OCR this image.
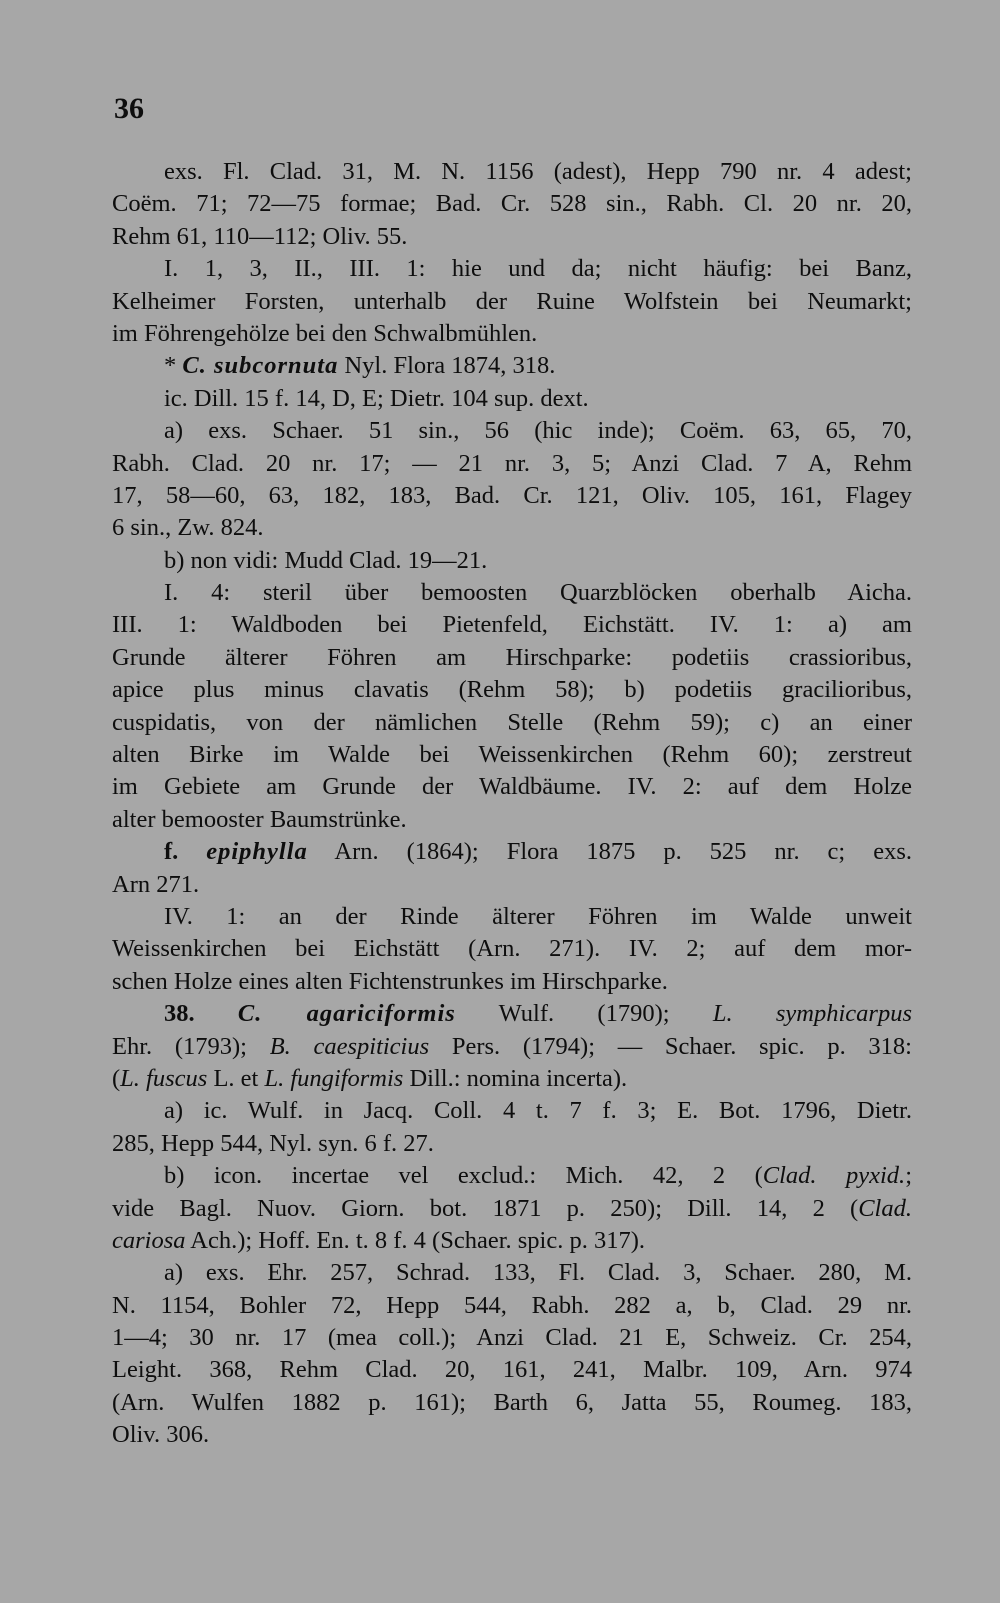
36
exs. Fl. Clad. 31, M. N. 1156 (adest), Hepp 790 nr. 4 adest;
Coëm. 71; 72—75 formae; Bad. Cr. 528 sin., Rabh. Cl. 20 nr. 20,
Rehm 61, 110—112; Oliv. 55.
I. 1, 3, II., III. 1: hie und da; nicht häufig: bei Banz,
Kelheimer Forsten, unterhalb der Ruine Wolfstein bei Neumarkt;
im Föhrengehölze bei den Schwalbmühlen.
* C. subcornuta Nyl. Flora 1874, 318.
ic. Dill. 15 f. 14, D, E; Dietr. 104 sup. dext.
a) exs. Schaer. 51 sin., 56 (hic inde); Coëm. 63, 65, 70,
Rabh. Clad. 20 nr. 17; — 21 nr. 3, 5; Anzi Clad. 7 A, Rehm
17, 58—60, 63, 182, 183, Bad. Cr. 121, Oliv. 105, 161, Flagey
6 sin., Zw. 824.
b) non vidi: Mudd Clad. 19—21.
I. 4: steril über bemoosten Quarzblöcken oberhalb Aicha.
III. 1: Waldboden bei Pietenfeld, Eichstätt. IV. 1: a) am
Grunde älterer Föhren am Hirschparke: podetiis crassioribus,
apice plus minus clavatis (Rehm 58); b) podetiis gracilioribus,
cuspidatis, von der nämlichen Stelle (Rehm 59); c) an einer
alten Birke im Walde bei Weissenkirchen (Rehm 60); zerstreut
im Gebiete am Grunde der Waldbäume. IV. 2: auf dem Holze
alter bemooster Baumstrünke.
f. epiphylla Arn. (1864); Flora 1875 p. 525 nr. c; exs.
Arn 271.
IV. 1: an der Rinde älterer Föhren im Walde unweit
Weissenkirchen bei Eichstätt (Arn. 271). IV. 2; auf dem mor-
schen Holze eines alten Fichtenstrunkes im Hirschparke.
38. C. agariciformis Wulf. (1790); L. symphicarpus
Ehr. (1793); B. caespiticius Pers. (1794); — Schaer. spic. p. 318:
(L. fuscus L. et L. fungiformis Dill.: nomina incerta).
a) ic. Wulf. in Jacq. Coll. 4 t. 7 f. 3; E. Bot. 1796, Dietr.
285, Hepp 544, Nyl. syn. 6 f. 27.
b) icon. incertae vel exclud.: Mich. 42, 2 (Clad. pyxid.;
vide Bagl. Nuov. Giorn. bot. 1871 p. 250); Dill. 14, 2 (Clad.
cariosa Ach.); Hoff. En. t. 8 f. 4 (Schaer. spic. p. 317).
a) exs. Ehr. 257, Schrad. 133, Fl. Clad. 3, Schaer. 280, M.
N. 1154, Bohler 72, Hepp 544, Rabh. 282 a, b, Clad. 29 nr.
1—4; 30 nr. 17 (mea coll.); Anzi Clad. 21 E, Schweiz. Cr. 254,
Leight. 368, Rehm Clad. 20, 161, 241, Malbr. 109, Arn. 974
(Arn. Wulfen 1882 p. 161); Barth 6, Jatta 55, Roumeg. 183,
Oliv. 306.
